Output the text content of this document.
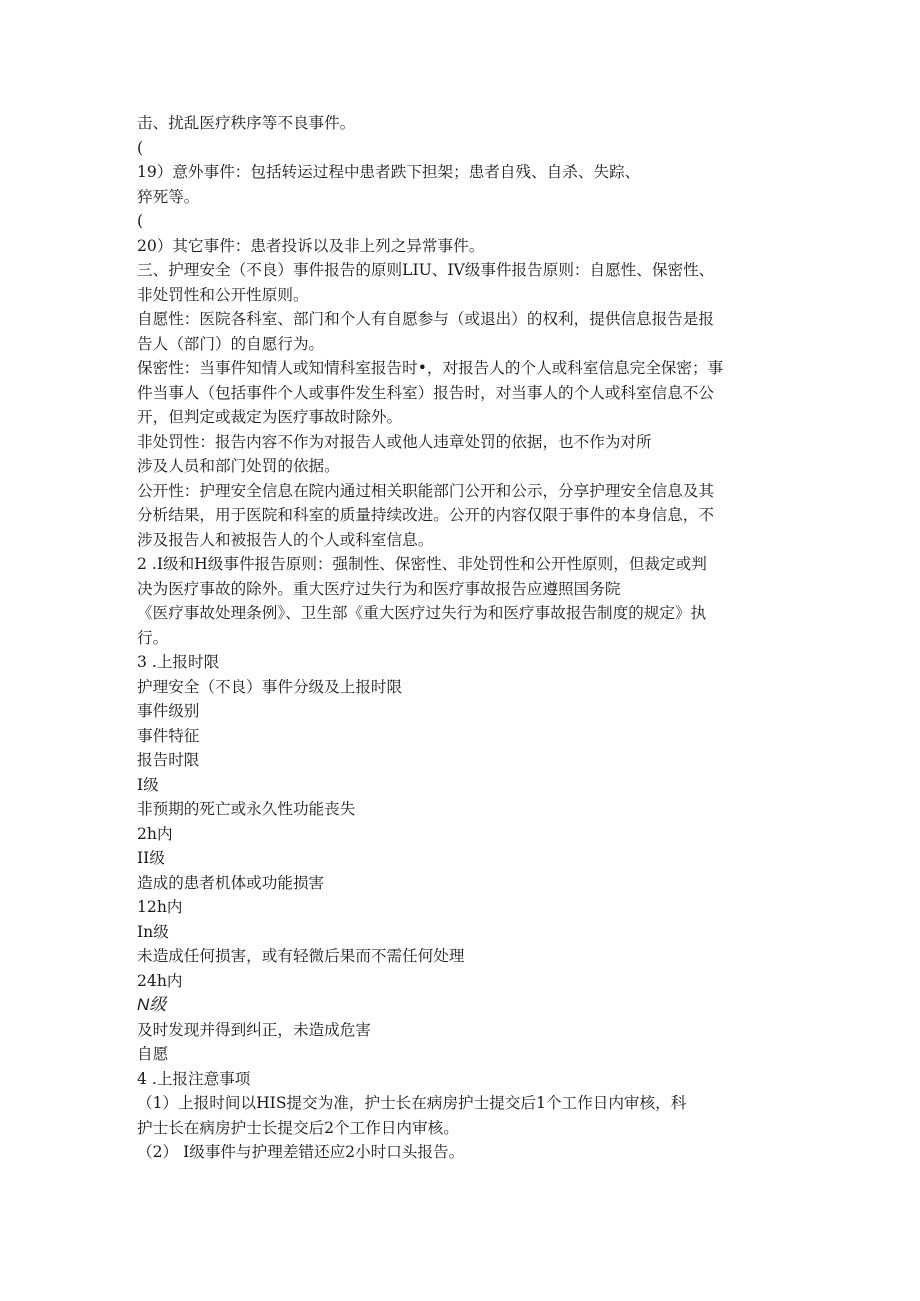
击、扰乱医疗秩序等不良事件。
(
19）意外事件：包括转运过程中患者跌下担架；患者自残、自杀、失踪、
猝死等。
(
20）其它事件：患者投诉以及非上列之异常事件。
三、护理安全（不良）事件报告的原则LIU、IV级事件报告原则：自愿性、保密性、
非处罚性和公开性原则。
自愿性：医院各科室、部门和个人有自愿参与（或退出）的权利，提供信息报告是报
告人（部门）的自愿行为。
保密性：当事件知情人或知情科室报告时•，对报告人的个人或科室信息完全保密；事
件当事人（包括事件个人或事件发生科室）报告时，对当事人的个人或科室信息不公
开，但判定或裁定为医疗事故时除外。
非处罚性：报告内容不作为对报告人或他人违章处罚的依据，也不作为对所
涉及人员和部门处罚的依据。
公开性：护理安全信息在院内通过相关职能部门公开和公示，分享护理安全信息及其
分析结果，用于医院和科室的质量持续改进。公开的内容仅限于事件的本身信息，不
涉及报告人和被报告人的个人或科室信息。
2 .I级和H级事件报告原则：强制性、保密性、非处罚性和公开性原则，但裁定或判
决为医疗事故的除外。重大医疗过失行为和医疗事故报告应遵照国务院
《医疗事故处理条例》、卫生部《重大医疗过失行为和医疗事故报告制度的规定》执
行。
3 .上报时限
护理安全（不良）事件分级及上报时限
事件级别
事件特征
报告时限
I级
非预期的死亡或永久性功能丧失
2h内
II级
造成的患者机体或功能损害
12h内
In级
未造成任何损害，或有轻微后果而不需任何处理
24h内
N级
及时发现并得到纠正，未造成危害
自愿
4 .上报注意事项
（1）上报时间以HIS提交为准，护士长在病房护士提交后1个工作日内审核，科
护士长在病房护士长提交后2个工作日内审核。
（2） I级事件与护理差错还应2小时口头报告。
